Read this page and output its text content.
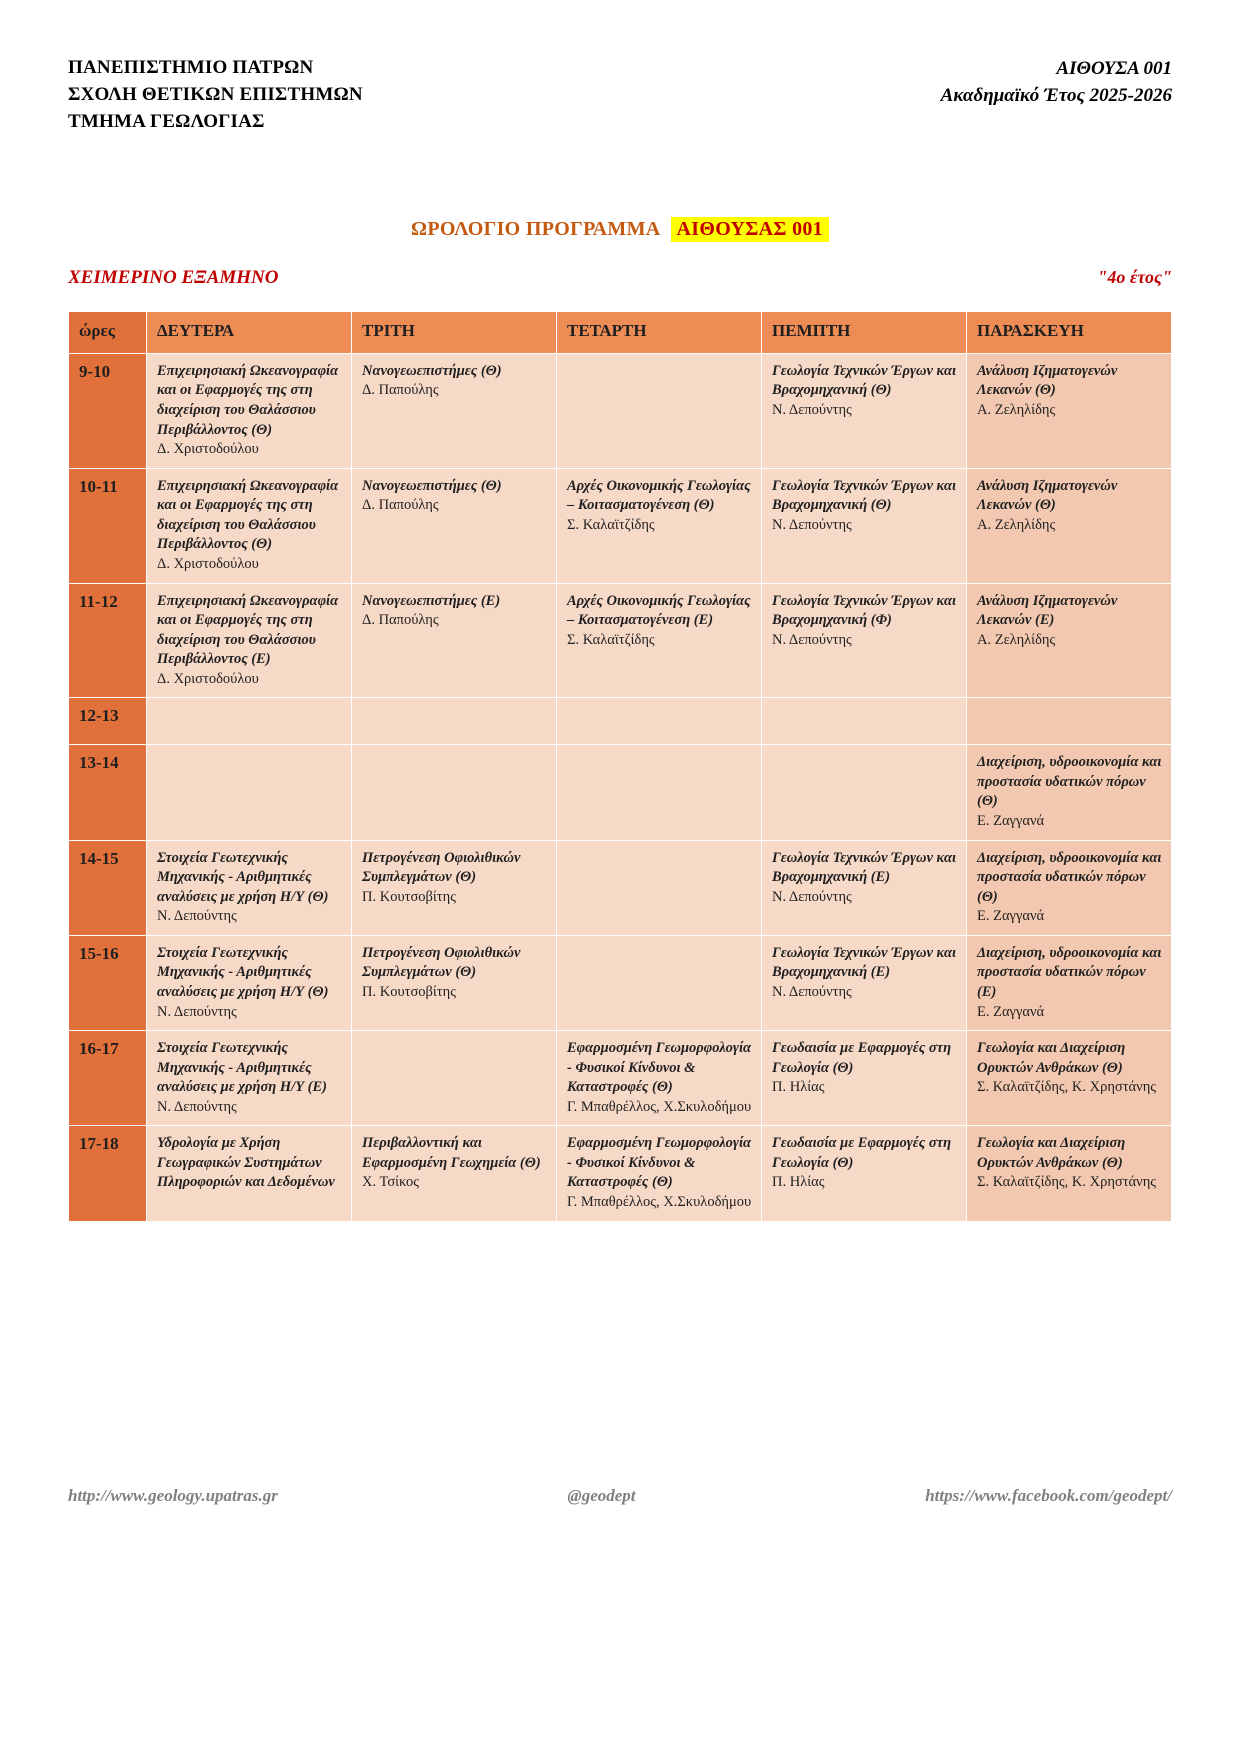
ΠΑΝΕΠΙΣΤΗΜΙΟ ΠΑΤΡΩΝ
ΣΧΟΛΗ ΘΕΤΙΚΩΝ ΕΠΙΣΤΗΜΩΝ
ΤΜΗΜΑ ΓΕΩΛΟΓΙΑΣ
ΑΙΘΟΥΣΑ 001
Ακαδημαϊκό Έτος 2025-2026
ΩΡΟΛΟΓΙΟ ΠΡΟΓΡΑΜΜΑ ΑΙΘΟΥΣΑΣ 001
ΧΕΙΜΕΡΙΝΟ ΕΞΑΜΗΝΟ	"4ο έτος"
ώρες	ΔΕΥΤΕΡΑ	ΤΡΙΤΗ	ΤΕΤΑΡΤΗ	ΠΕΜΠΤΗ	ΠΑΡΑΣΚΕΥΗ
9-10	Επιχειρησιακή Ωκεανογραφία και οι Εφαρμογές της στη διαχείριση του Θαλάσσιου Περιβάλλοντος (Θ)
Δ. Χριστοδούλου	Νανογεωεπιστήμες (Θ)
Δ. Παπούλης		Γεωλογία Τεχνικών Έργων και Βραχομηχανική (Θ)
Ν. Δεπούντης	Ανάλυση Ιζηματογενών Λεκανών (Θ)
Α. Ζεληλίδης

10-11	Επιχειρησιακή Ωκεανογραφία και οι Εφαρμογές της στη διαχείριση του Θαλάσσιου Περιβάλλοντος (Θ)
Δ. Χριστοδούλου	Νανογεωεπιστήμες (Θ)
Δ. Παπούλης	Αρχές Οικονομικής Γεωλογίας – Κοιτασματογένεση (Θ)
Σ. Καλαϊτζίδης	Γεωλογία Τεχνικών Έργων και Βραχομηχανική (Θ)
Ν. Δεπούντης	Ανάλυση Ιζηματογενών Λεκανών (Θ)
Α. Ζεληλίδης

11-12	Επιχειρησιακή Ωκεανογραφία και οι Εφαρμογές της στη διαχείριση του Θαλάσσιου Περιβάλλοντος (Ε)
Δ. Χριστοδούλου	Νανογεωεπιστήμες (Ε)
Δ. Παπούλης	Αρχές Οικονομικής Γεωλογίας – Κοιτασματογένεση (Ε)
Σ. Καλαϊτζίδης	Γεωλογία Τεχνικών Έργων και Βραχομηχανική (Φ)
Ν. Δεπούντης	Ανάλυση Ιζηματογενών Λεκανών (Ε)
Α. Ζεληλίδης

12-13	

13-14					Διαχείριση, υδροοικονομία και προστασία υδατικών πόρων (Θ)
Ε. Ζαγγανά

14-15	Στοιχεία Γεωτεχνικής Μηχανικής - Αριθμητικές αναλύσεις με χρήση Η/Υ (Θ)
Ν. Δεπούντης	Πετρογένεση Οφιολιθικών Συμπλεγμάτων (Θ)
Π. Κουτσοβίτης		Γεωλογία Τεχνικών Έργων και Βραχομηχανική (Ε)
Ν. Δεπούντης	Διαχείριση, υδροοικονομία και προστασία υδατικών πόρων (Θ)
Ε. Ζαγγανά

15-16	Στοιχεία Γεωτεχνικής Μηχανικής - Αριθμητικές αναλύσεις με χρήση Η/Υ (Θ)
Ν. Δεπούντης	Πετρογένεση Οφιολιθικών Συμπλεγμάτων (Θ)
Π. Κουτσοβίτης		Γεωλογία Τεχνικών Έργων και Βραχομηχανική (Ε)
Ν. Δεπούντης	Διαχείριση, υδροοικονομία και προστασία υδατικών πόρων (Ε)
Ε. Ζαγγανά

16-17	Στοιχεία Γεωτεχνικής Μηχανικής - Αριθμητικές αναλύσεις με χρήση Η/Υ (Ε)
Ν. Δεπούντης		Εφαρμοσμένη Γεωμορφολογία - Φυσικοί Κίνδυνοι & Καταστροφές (Θ)
Γ. Μπαθρέλλος, Χ.Σκυλοδήμου	Γεωδαισία με Εφαρμογές στη Γεωλογία (Θ)
Π. Ηλίας	Γεωλογία και Διαχείριση Ορυκτών Ανθράκων (Θ)
Σ. Καλαϊτζίδης, Κ. Χρηστάνης

17-18	Υδρολογία με Χρήση Γεωγραφικών Συστημάτων Πληροφοριών και Δεδομένων	Περιβαλλοντική και Εφαρμοσμένη Γεωχημεία (Θ)
Χ. Τσίκος	Εφαρμοσμένη Γεωμορφολογία - Φυσικοί Κίνδυνοι & Καταστροφές (Θ)
Γ. Μπαθρέλλος, Χ.Σκυλοδήμου	Γεωδαισία με Εφαρμογές στη Γεωλογία (Θ)
Π. Ηλίας	Γεωλογία και Διαχείριση Ορυκτών Ανθράκων (Θ)
Σ. Καλαϊτζίδης, Κ. Χρηστάνης
http://www.geology.upatras.gr	@geodept	https://www.facebook.com/geodept/
